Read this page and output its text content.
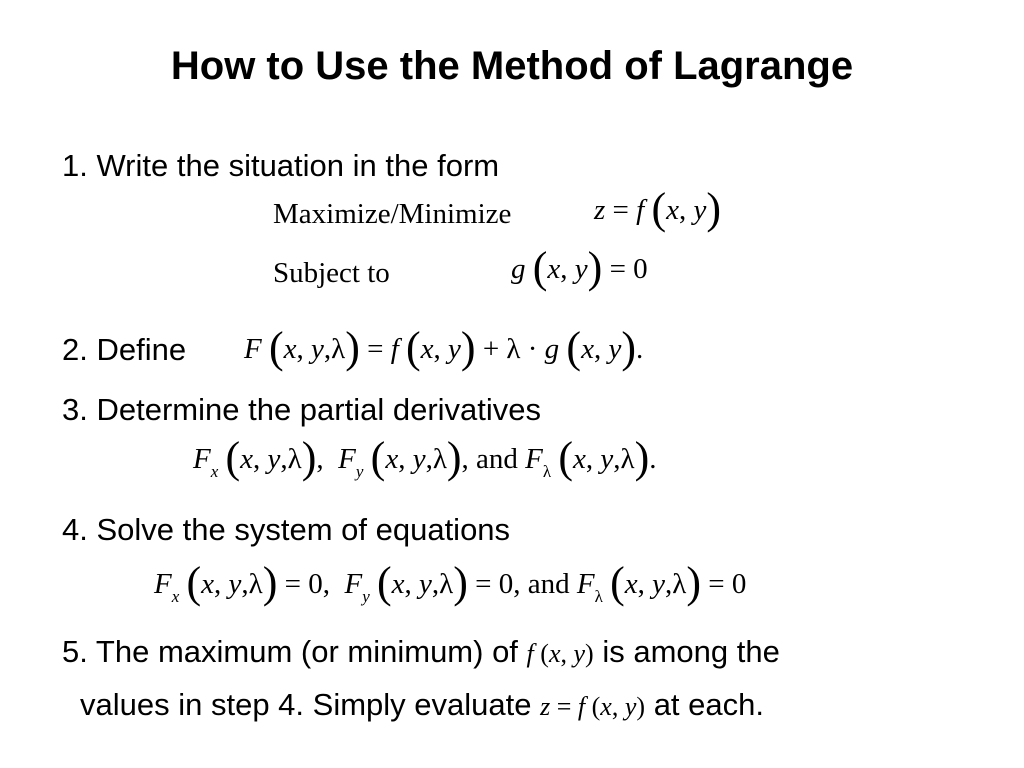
How to Use the Method of Lagrange
1. Write the situation in the form
Maximize/Minimize	z = f (x, y)
Subject to	g (x, y) = 0
2. Define F (x, y,λ) = f (x, y) + λ · g (x, y).
3. Determine the partial derivatives
$F_x$ (x, y,λ),  $F_y$ (x, y,λ), and $F_\lambda$ (x, y,λ).
4. Solve the system of equations
$F_x$ (x, y,λ) = 0,  $F_y$ (x, y,λ) = 0, and $F_\lambda$ (x, y,λ) = 0
5. The maximum (or minimum) of f (x, y) is among the
values in step 4. Simply evaluate z = f (x, y) at each.
